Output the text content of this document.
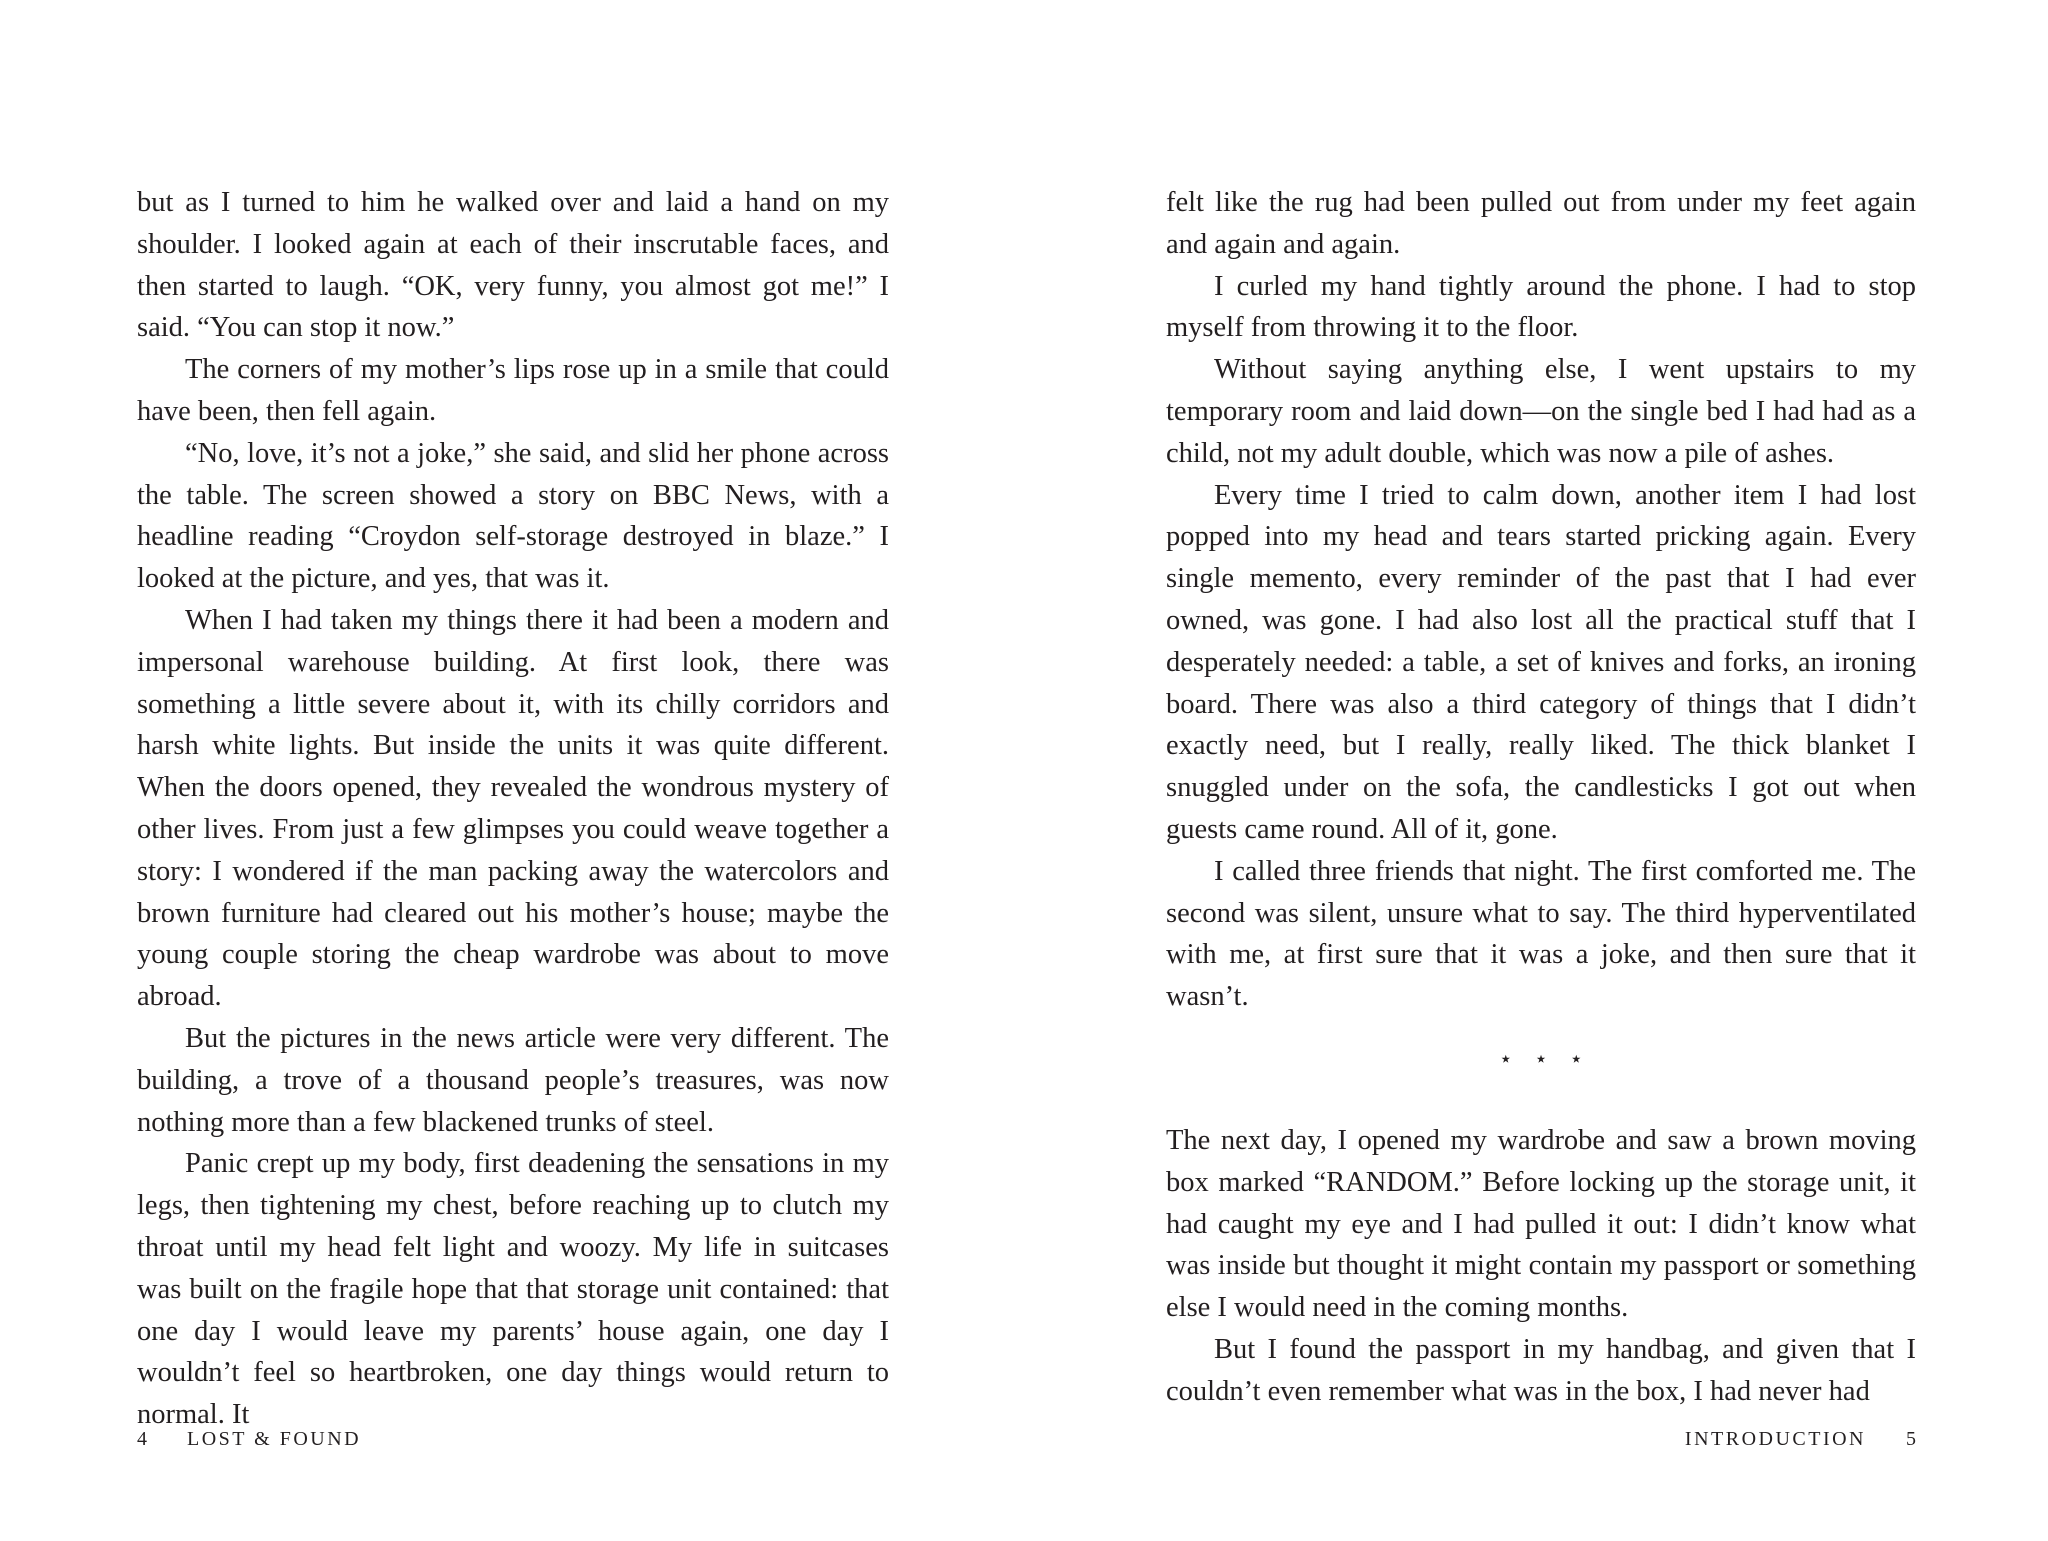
but as I turned to him he walked over and laid a hand on my shoulder. I looked again at each of their inscrutable faces, and then started to laugh. “OK, very funny, you almost got me!” I said. “You can stop it now.”

The corners of my mother’s lips rose up in a smile that could have been, then fell again.

“No, love, it’s not a joke,” she said, and slid her phone across the table. The screen showed a story on BBC News, with a headline reading “Croydon self-storage destroyed in blaze.” I looked at the picture, and yes, that was it.

When I had taken my things there it had been a modern and impersonal warehouse building. At first look, there was something a little severe about it, with its chilly corridors and harsh white lights. But inside the units it was quite different. When the doors opened, they revealed the wondrous mystery of other lives. From just a few glimpses you could weave together a story: I wondered if the man packing away the watercolors and brown furniture had cleared out his mother’s house; maybe the young couple storing the cheap wardrobe was about to move abroad.

But the pictures in the news article were very different. The building, a trove of a thousand people’s treasures, was now nothing more than a few blackened trunks of steel.

Panic crept up my body, first deadening the sensations in my legs, then tightening my chest, before reaching up to clutch my throat until my head felt light and woozy. My life in suitcases was built on the fragile hope that that storage unit contained: that one day I would leave my parents’ house again, one day I wouldn’t feel so heartbroken, one day things would return to normal. It

4 LOST & FOUND

felt like the rug had been pulled out from under my feet again and again and again.

I curled my hand tightly around the phone. I had to stop myself from throwing it to the floor.

Without saying anything else, I went upstairs to my temporary room and laid down—on the single bed I had had as a child, not my adult double, which was now a pile of ashes.

Every time I tried to calm down, another item I had lost popped into my head and tears started pricking again. Every single memento, every reminder of the past that I had ever owned, was gone. I had also lost all the practical stuff that I desperately needed: a table, a set of knives and forks, an ironing board. There was also a third category of things that I didn’t exactly need, but I really, really liked. The thick blanket I snuggled under on the sofa, the candlesticks I got out when guests came round. All of it, gone.

I called three friends that night. The first comforted me. The second was silent, unsure what to say. The third hyperventilated with me, at first sure that it was a joke, and then sure that it wasn’t.

⋆ ⋆ ⋆

The next day, I opened my wardrobe and saw a brown moving box marked “RANDOM.” Before locking up the storage unit, it had caught my eye and I had pulled it out: I didn’t know what was inside but thought it might contain my passport or something else I would need in the coming months.

But I found the passport in my handbag, and given that I couldn’t even remember what was in the box, I had never had

INTRODUCTION 5
